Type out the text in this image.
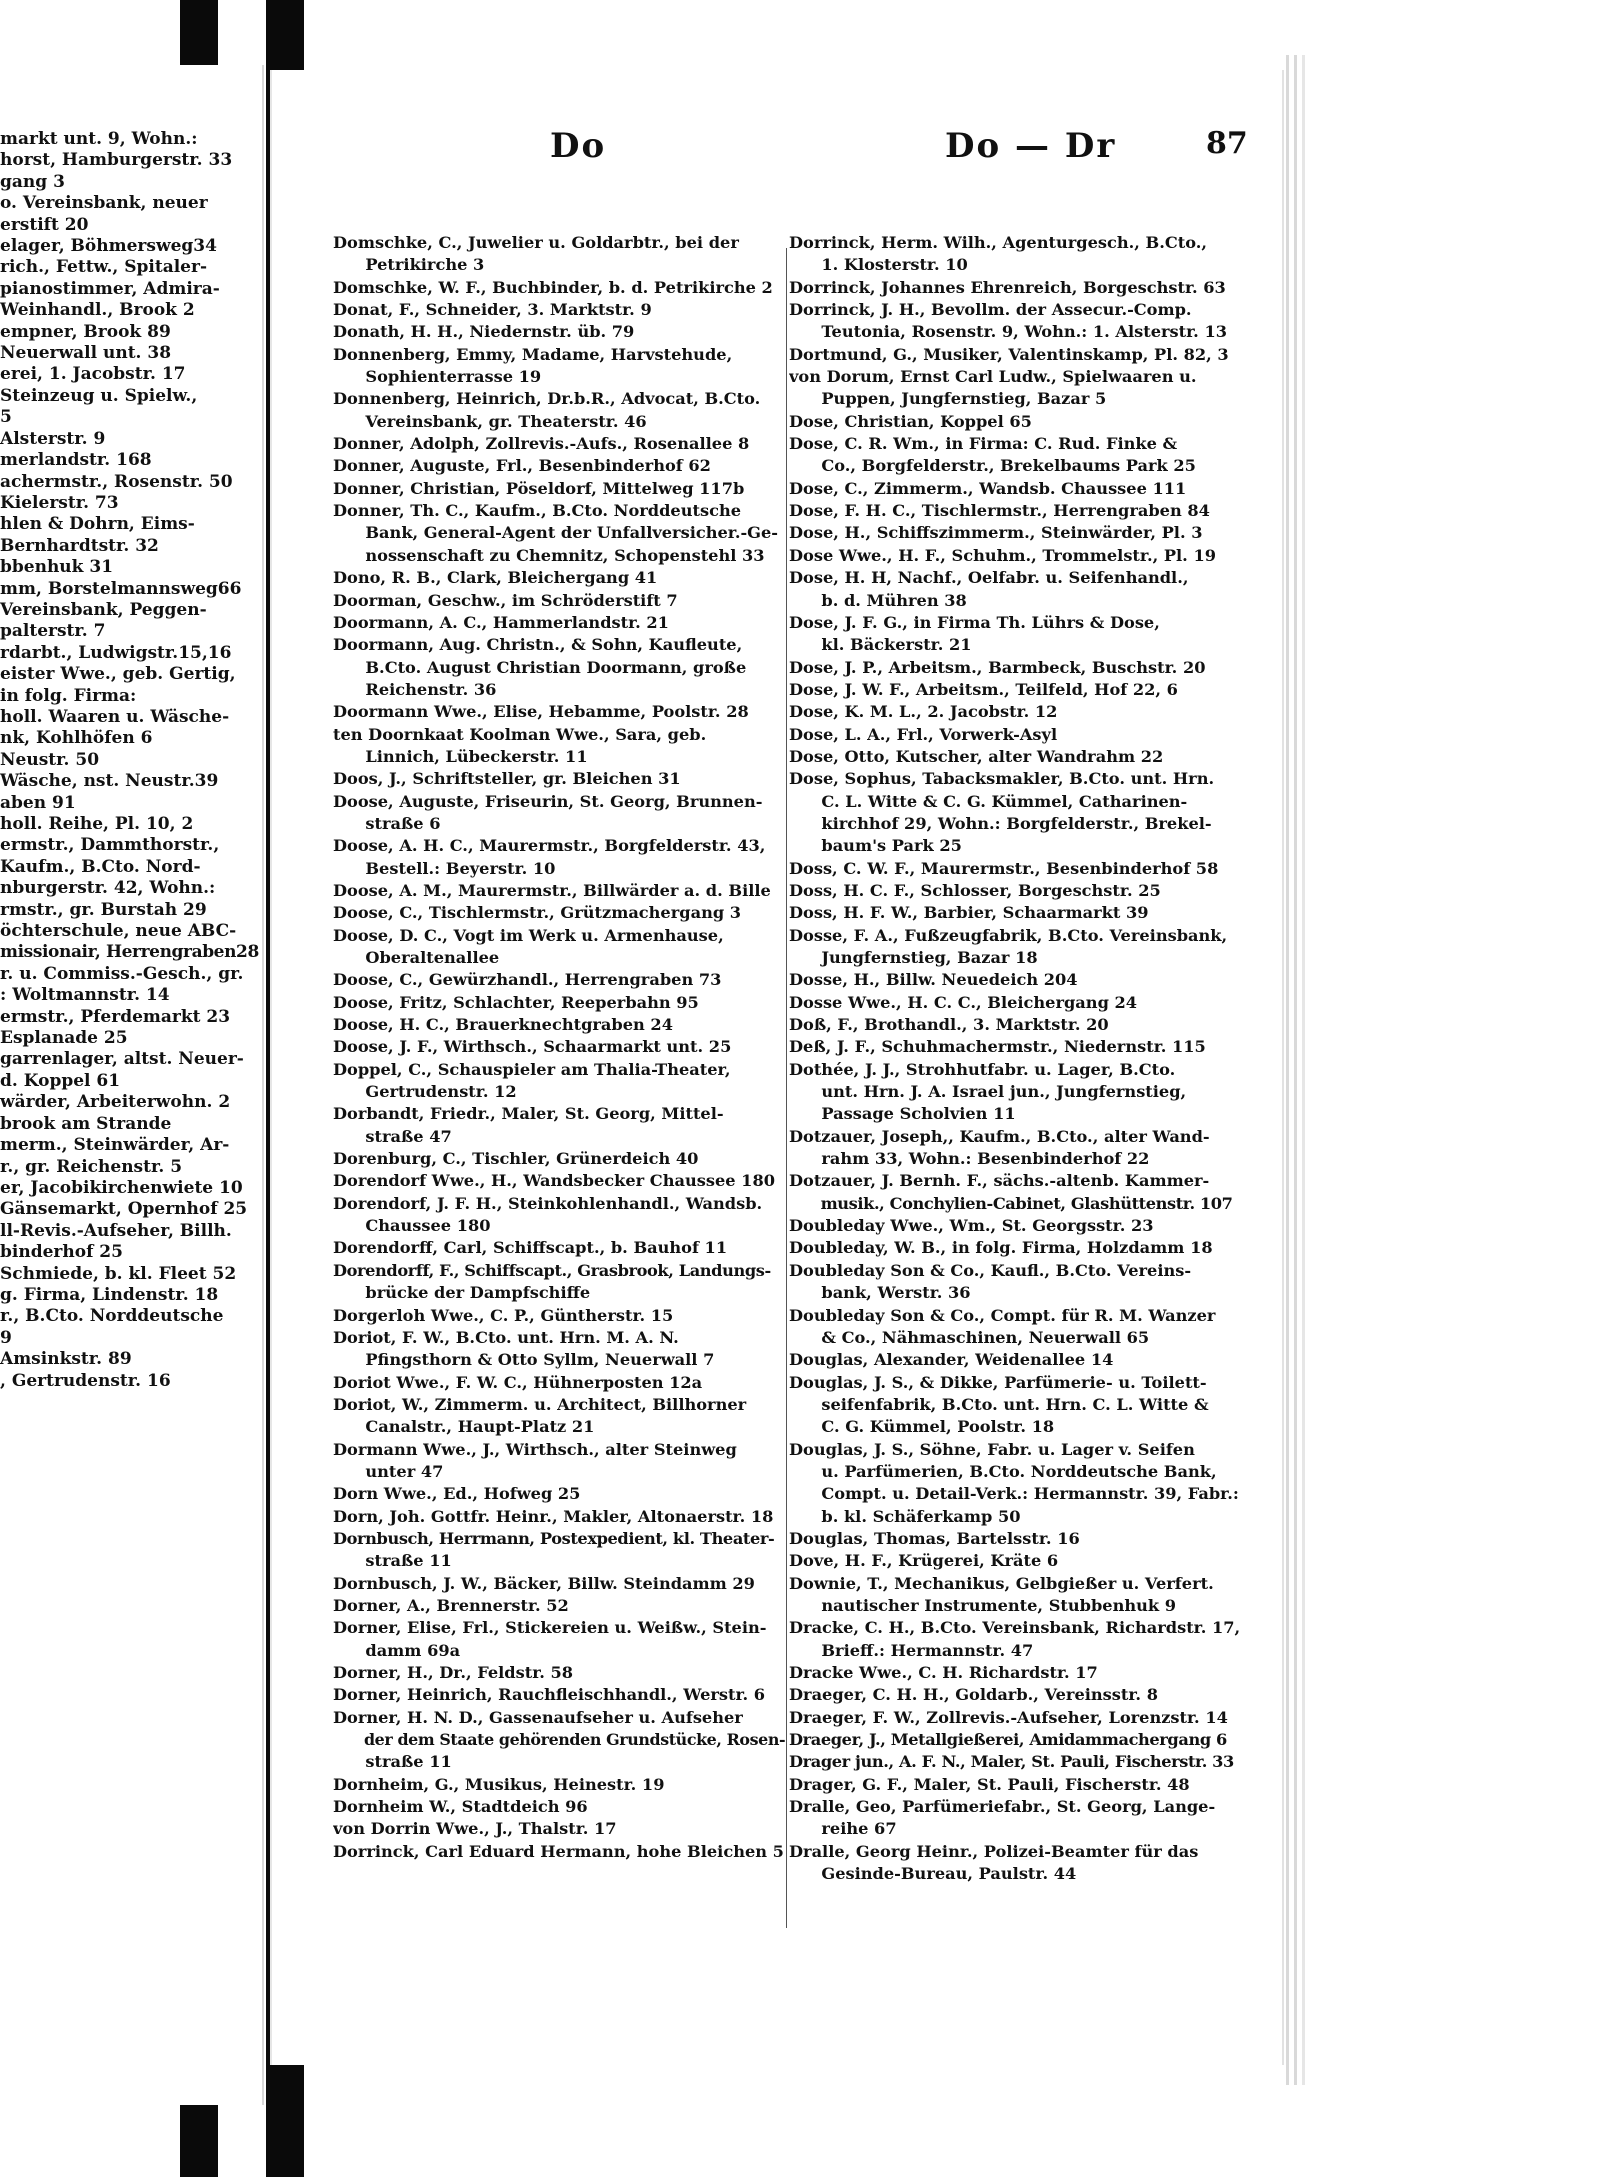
markt unt. 9, Wohn.:
horst, Hamburgerstr. 33
gang 3
o. Vereinsbank, neuer
erstift 20
elager, Böhmersweg34
rich., Fettw., Spitaler-
pianostimmer, Admira-
Weinhandl., Brook 2
empner, Brook 89
Neuerwall unt. 38
erei, 1. Jacobstr. 17
Steinzeug u. Spielw.,
5
Alsterstr. 9
merlandstr. 168
achermstr., Rosenstr. 50
Kielerstr. 73
hlen & Dohrn, Eims-
Bernhardtstr. 32
bbenhuk 31
mm, Borstelmannsweg66
Vereinsbank, Peggen-
palterstr. 7
rdarbt., Ludwigstr.15,16
eister Wwe., geb. Gertig,
in folg. Firma:
holl. Waaren u. Wäsche-
nk, Kohlhöfen 6
Neustr. 50
Wäsche, nst. Neustr.39
aben 91
holl. Reihe, Pl. 10, 2
ermstr., Dammthorstr.,
Kaufm., B.Cto. Nord-
nburgerstr. 42, Wohn.:
rmstr., gr. Burstah 29
öchterschule, neue ABC-
missionair, Herrengraben28
r. u. Commiss.-Gesch., gr.
: Woltmannstr. 14
ermstr., Pferdemarkt 23
Esplanade 25
garrenlager, altst. Neuer-
d. Koppel 61
wärder, Arbeiterwohn. 2
brook am Strande
merm., Steinwärder, Ar-
r., gr. Reichenstr. 5
er, Jacobikirchenwiete 10
Gänsemarkt, Opernhof 25
ll-Revis.-Aufseher, Billh.
binderhof 25
Schmiede, b. kl. Fleet 52
g. Firma, Lindenstr. 18
r., B.Cto. Norddeutsche
9
Amsinkstr. 89
, Gertrudenstr. 16
Do	Do — Dr	87
Domschke, C., Juwelier u. Goldarbtr., bei der
  Petrikirche 3
Domschke, W. F., Buchbinder, b. d. Petrikirche 2
Donat, F., Schneider, 3. Marktstr. 9
Donath, H. H., Niedernstr. üb. 79
Donnenberg, Emmy, Madame, Harvstehude,
  Sophienterrasse 19
Donnenberg, Heinrich, Dr.b.R., Advocat, B.Cto.
  Vereinsbank, gr. Theaterstr. 46
Donner, Adolph, Zollrevis.-Aufs., Rosenallee 8
Donner, Auguste, Frl., Besenbinderhof 62
Donner, Christian, Pöseldorf, Mittelweg 117b
Donner, Th. C., Kaufm., B.Cto. Norddeutsche
  Bank, General-Agent der Unfallversicher.-Ge-
  nossenschaft zu Chemnitz, Schopenstehl 33
Dono, R. B., Clark, Bleichergang 41
Doorman, Geschw., im Schröderstift 7
Doormann, A. C., Hammerlandstr. 21
Doormann, Aug. Christn., & Sohn, Kaufleute,
  B.Cto. August Christian Doormann, große
  Reichenstr. 36
Doormann Wwe., Elise, Hebamme, Poolstr. 28
ten Doornkaat Koolman Wwe., Sara, geb.
  Linnich, Lübeckerstr. 11
Doos, J., Schriftsteller, gr. Bleichen 31
Doose, Auguste, Friseurin, St. Georg, Brunnen-
  straße 6
Doose, A. H. C., Maurermstr., Borgfelderstr. 43,
  Bestell.: Beyerstr. 10
Doose, A. M., Maurermstr., Billwärder a. d. Bille
Doose, C., Tischlermstr., Grützmachergang 3
Doose, D. C., Vogt im Werk u. Armenhause,
  Oberaltenallee
Doose, C., Gewürzhandl., Herrengraben 73
Doose, Fritz, Schlachter, Reeperbahn 95
Doose, H. C., Brauerknechtgraben 24
Doose, J. F., Wirthsch., Schaarmarkt unt. 25
Doppel, C., Schauspieler am Thalia-Theater,
  Gertrudenstr. 12
Dorbandt, Friedr., Maler, St. Georg, Mittel-
  straße 47
Dorenburg, C., Tischler, Grünerdeich 40
Dorendorf Wwe., H., Wandsbecker Chaussee 180
Dorendorf, J. F. H., Steinkohlenhandl., Wandsb.
  Chaussee 180
Dorendorff, Carl, Schiffscapt., b. Bauhof 11
Dorendorff, F., Schiffscapt., Grasbrook, Landungs-
  brücke der Dampfschiffe
Dorgerloh Wwe., C. P., Güntherstr. 15
Doriot, F. W., B.Cto. unt. Hrn. M. A. N.
  Pfingsthorn & Otto Syllm, Neuerwall 7
Doriot Wwe., F. W. C., Hühnerposten 12a
Doriot, W., Zimmerm. u. Architect, Billhorner
  Canalstr., Haupt-Platz 21
Dormann Wwe., J., Wirthsch., alter Steinweg
  unter 47
Dorn Wwe., Ed., Hofweg 25
Dorn, Joh. Gottfr. Heinr., Makler, Altonaerstr. 18
Dornbusch, Herrmann, Postexpedient, kl. Theater-
  straße 11
Dornbusch, J. W., Bäcker, Billw. Steindamm 29
Dorner, A., Brennerstr. 52
Dorner, Elise, Frl., Stickereien u. Weißw., Stein-
  damm 69a
Dorner, H., Dr., Feldstr. 58
Dorner, Heinrich, Rauchfleischhandl., Werstr. 6
Dorner, H. N. D., Gassenaufseher u. Aufseher
  der dem Staate gehörenden Grundstücke, Rosen-
  straße 11
Dornheim, G., Musikus, Heinestr. 19
Dornheim W., Stadtdeich 96
von Dorrin Wwe., J., Thalstr. 17
Dorrinck, Carl Eduard Hermann, hohe Bleichen 5
Dorrinck, Herm. Wilh., Agenturgesch., B.Cto.,
  1. Klosterstr. 10
Dorrinck, Johannes Ehrenreich, Borgeschstr. 63
Dorrinck, J. H., Bevollm. der Assecur.-Comp.
  Teutonia, Rosenstr. 9, Wohn.: 1. Alsterstr. 13
Dortmund, G., Musiker, Valentinskamp, Pl. 82, 3
von Dorum, Ernst Carl Ludw., Spielwaaren u.
  Puppen, Jungfernstieg, Bazar 5
Dose, Christian, Koppel 65
Dose, C. R. Wm., in Firma: C. Rud. Finke &
  Co., Borgfelderstr., Brekelbaums Park 25
Dose, C., Zimmerm., Wandsb. Chaussee 111
Dose, F. H. C., Tischlermstr., Herrengraben 84
Dose, H., Schiffszimmerm., Steinwärder, Pl. 3
Dose Wwe., H. F., Schuhm., Trommelstr., Pl. 19
Dose, H. H, Nachf., Oelfabr. u. Seifenhandl.,
  b. d. Mühren 38
Dose, J. F. G., in Firma Th. Lührs & Dose,
  kl. Bäckerstr. 21
Dose, J. P., Arbeitsm., Barmbeck, Buschstr. 20
Dose, J. W. F., Arbeitsm., Teilfeld, Hof 22, 6
Dose, K. M. L., 2. Jacobstr. 12
Dose, L. A., Frl., Vorwerk-Asyl
Dose, Otto, Kutscher, alter Wandrahm 22
Dose, Sophus, Tabacksmakler, B.Cto. unt. Hrn.
  C. L. Witte & C. G. Kümmel, Catharinen-
  kirchhof 29, Wohn.: Borgfelderstr., Brekel-
  baum's Park 25
Doss, C. W. F., Maurermstr., Besenbinderhof 58
Doss, H. C. F., Schlosser, Borgeschstr. 25
Doss, H. F. W., Barbier, Schaarmarkt 39
Dosse, F. A., Fußzeugfabrik, B.Cto. Vereinsbank,
  Jungfernstieg, Bazar 18
Dosse, H., Billw. Neuedeich 204
Dosse Wwe., H. C. C., Bleichergang 24
Doß, F., Brothandl., 3. Marktstr. 20
Deß, J. F., Schuhmachermstr., Niedernstr. 115
Dothée, J. J., Strohhutfabr. u. Lager, B.Cto.
  unt. Hrn. J. A. Israel jun., Jungfernstieg,
  Passage Scholvien 11
Dotzauer, Joseph,, Kaufm., B.Cto., alter Wand-
  rahm 33, Wohn.: Besenbinderhof 22
Dotzauer, J. Bernh. F., sächs.-altenb. Kammer-
  musik., Conchylien-Cabinet, Glashüttenstr. 107
Doubleday Wwe., Wm., St. Georgsstr. 23
Doubleday, W. B., in folg. Firma, Holzdamm 18
Doubleday Son & Co., Kaufl., B.Cto. Vereins-
  bank, Werstr. 36
Doubleday Son & Co., Compt. für R. M. Wanzer
  & Co., Nähmaschinen, Neuerwall 65
Douglas, Alexander, Weidenallee 14
Douglas, J. S., & Dikke, Parfümerie- u. Toilett-
  seifenfabrik, B.Cto. unt. Hrn. C. L. Witte &
  C. G. Kümmel, Poolstr. 18
Douglas, J. S., Söhne, Fabr. u. Lager v. Seifen
  u. Parfümerien, B.Cto. Norddeutsche Bank,
  Compt. u. Detail-Verk.: Hermannstr. 39, Fabr.:
  b. kl. Schäferkamp 50
Douglas, Thomas, Bartelsstr. 16
Dove, H. F., Krügerei, Kräte 6
Downie, T., Mechanikus, Gelbgießer u. Verfert.
  nautischer Instrumente, Stubbenhuk 9
Dracke, C. H., B.Cto. Vereinsbank, Richardstr. 17,
  Brieff.: Hermannstr. 47
Dracke Wwe., C. H. Richardstr. 17
Draeger, C. H. H., Goldarb., Vereinsstr. 8
Draeger, F. W., Zollrevis.-Aufseher, Lorenzstr. 14
Draeger, J., Metallgießerei, Amidammachergang 6
Drager jun., A. F. N., Maler, St. Pauli, Fischerstr. 33
Drager, G. F., Maler, St. Pauli, Fischerstr. 48
Dralle, Geo, Parfümeriefabr., St. Georg, Lange-
  reihe 67
Dralle, Georg Heinr., Polizei-Beamter für das
  Gesinde-Bureau, Paulstr. 44
